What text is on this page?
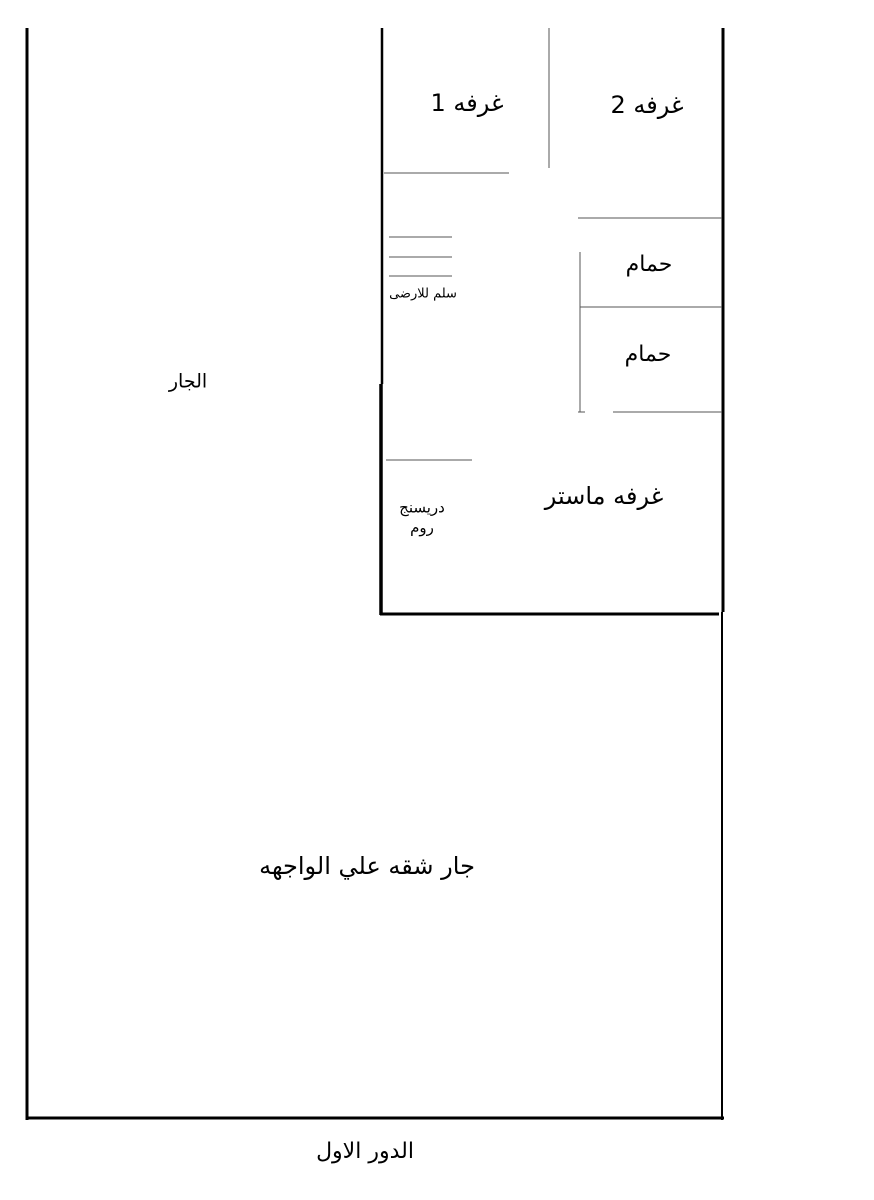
غرفه 1	غرفه 2
حمام
حمام
سلم للارضى
الجار
دريسنج
روم
غرفه ماستر
جار شقه علي الواجهه
الدور الاول
